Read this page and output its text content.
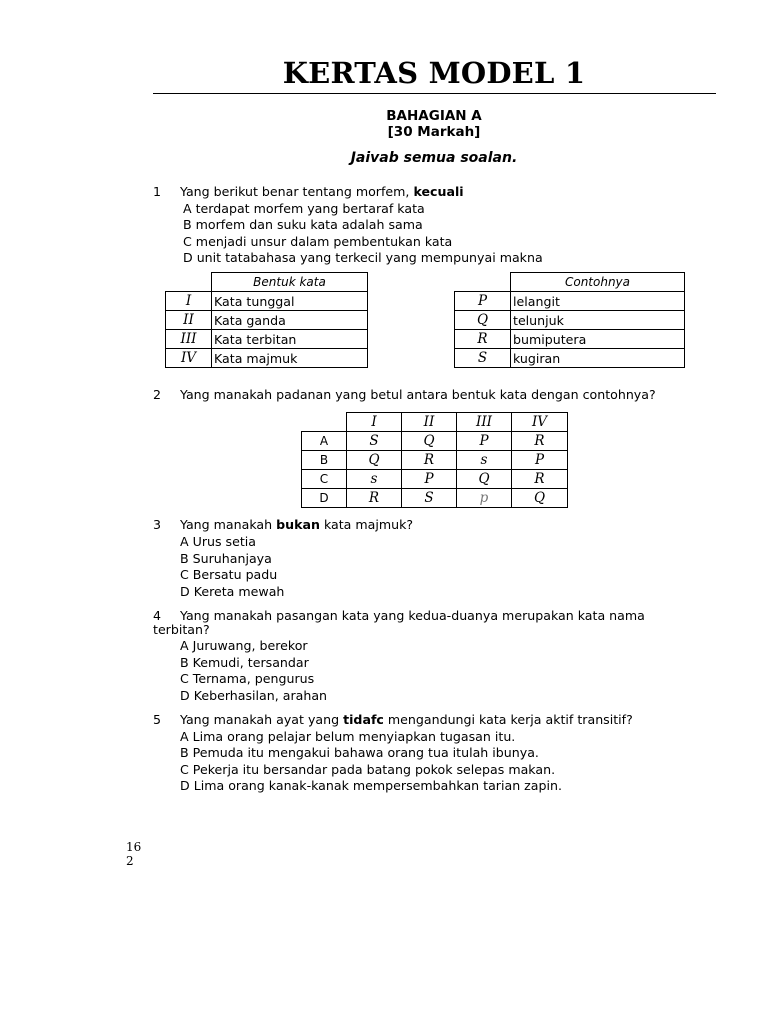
KERTAS MODEL 1
BAHAGIAN A
[30 Markah]
Jaivab semua soalan.
1 Yang berikut benar tentang morfem, kecuali
A terdapat morfem yang bertaraf kata
B morfem dan suku kata adalah sama
C menjadi unsur dalam pembentukan kata
D unit tatabahasa yang terkecil yang mempunyai makna
	Bentuk kata
I	Kata tunggal
II	Kata ganda
III	Kata terbitan
IV	Kata majmuk
	Contohnya
P	lelangit
Q	telunjuk
R	bumiputera
S	kugiran
2 Yang manakah padanan yang betul antara bentuk kata dengan contohnya?
	I	II	III	IV
A	S	Q	P	R
B	Q	R	s	P
C	s	P	Q	R
D	R	S	p	Q
3 Yang manakah bukan kata majmuk?
A Urus setia
B Suruhanjaya
C Bersatu padu
D Kereta mewah
4 Yang manakah pasangan kata yang kedua-duanya merupakan kata nama
terbitan?
A Juruwang, berekor
B Kemudi, tersandar
C Ternama, pengurus
D Keberhasilan, arahan
5 Yang manakah ayat yang tidafc mengandungi kata kerja aktif transitif?
A Lima orang pelajar belum menyiapkan tugasan itu.
B Pemuda itu mengakui bahawa orang tua itulah ibunya.
C Pekerja itu bersandar pada batang pokok selepas makan.
D Lima orang kanak-kanak mempersembahkan tarian zapin.
16
2
